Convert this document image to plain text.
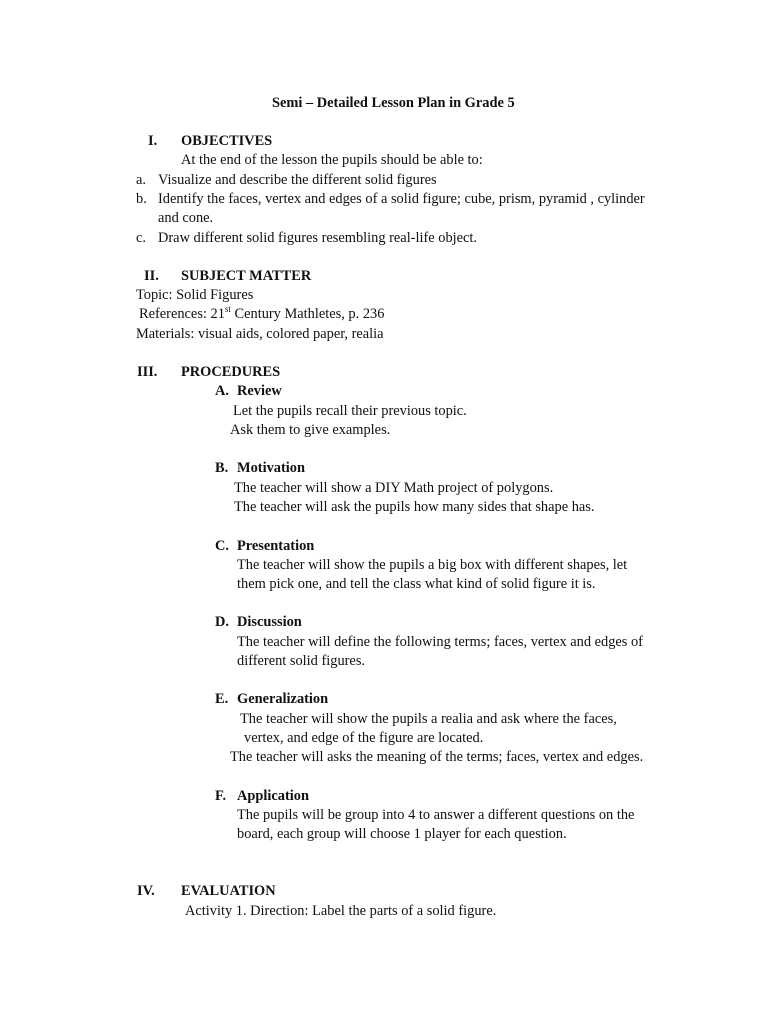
Semi – Detailed Lesson Plan in Grade 5
I. OBJECTIVES
At the end of the lesson the pupils should be able to:
a. Visualize and describe the different solid figures
b. Identify the faces, vertex and edges of a solid figure; cube, prism, pyramid , cylinder
and cone.
c. Draw different solid figures resembling real-life object.
II. SUBJECT MATTER
Topic: Solid Figures
References: 21st Century Mathletes, p. 236
Materials: visual aids, colored paper, realia
III. PROCEDURES
A. Review
Let the pupils recall their previous topic.
Ask them to give examples.
B. Motivation
The teacher will show a DIY Math project of polygons.
The teacher will ask the pupils how many sides that shape has.
C. Presentation
The teacher will show the pupils a big box with different shapes, let
them pick one, and tell the class what kind of solid figure it is.
D. Discussion
The teacher will define the following terms; faces, vertex and edges of
different solid figures.
E. Generalization
The teacher will show the pupils a realia and ask where the faces,
vertex, and edge of the figure are located.
The teacher will asks the meaning of the terms; faces, vertex and edges.
F. Application
The pupils will be group into 4 to answer a different questions on the
board, each group will choose 1 player for each question.
IV. EVALUATION
Activity 1. Direction: Label the parts of a solid figure.
